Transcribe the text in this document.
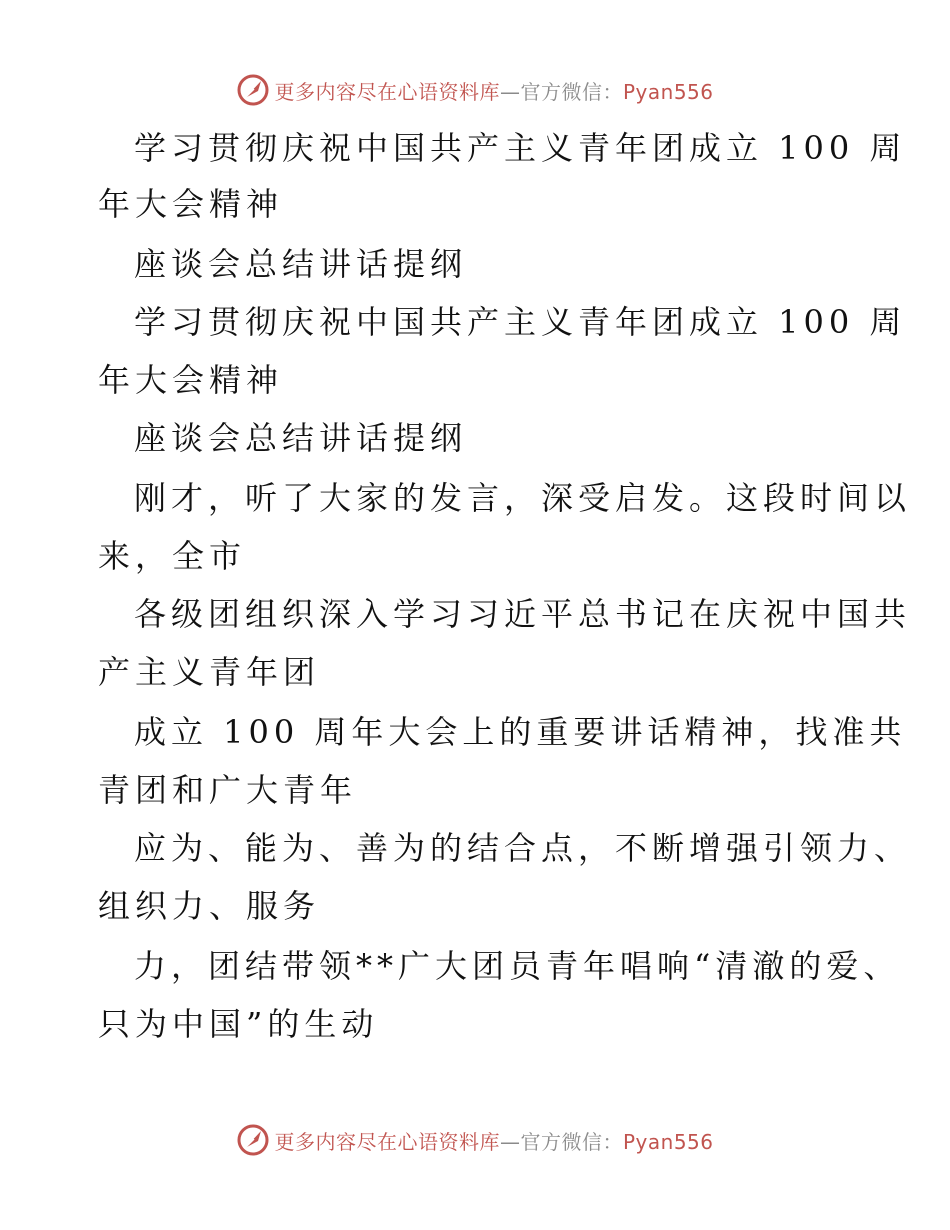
更多内容尽在心语资料库—官方微信：Pyan556
学习贯彻庆祝中国共产主义青年团成立 100 周
年大会精神
座谈会总结讲话提纲
学习贯彻庆祝中国共产主义青年团成立 100 周
年大会精神
座谈会总结讲话提纲
刚才，听了大家的发言，深受启发。这段时间以
来，全市
各级团组织深入学习习近平总书记在庆祝中国共
产主义青年团
成立 100 周年大会上的重要讲话精神，找准共
青团和广大青年
应为、能为、善为的结合点，不断增强引领力、
组织力、服务
力，团结带领**广大团员青年唱响“清澈的爱、
只为中国”的生动
更多内容尽在心语资料库—官方微信：Pyan556
